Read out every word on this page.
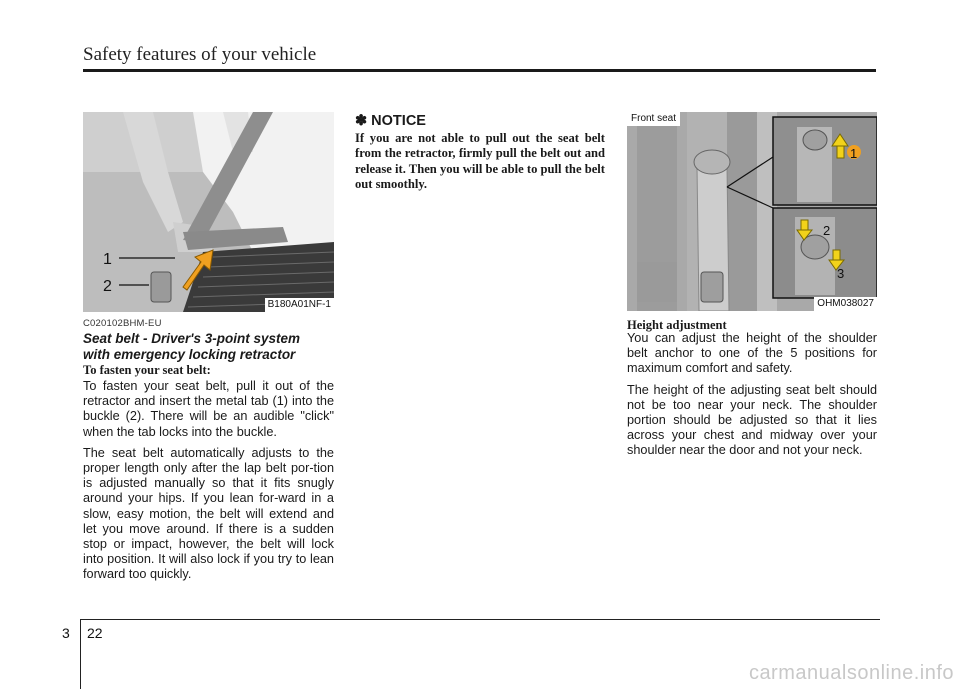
Safety features of your vehicle
1
2
B180A01NF-1
C020102BHM-EU
Seat belt - Driver's 3-point system with emergency locking retractor
To fasten your seat belt:

To fasten your seat belt, pull it out of the retractor and insert the metal tab (1) into the buckle (2). There will be an audible "click" when the tab locks into the buckle.

The seat belt automatically adjusts to the proper length only after the lap belt por-tion is adjusted manually so that it fits snugly around your hips. If you lean for-ward in a slow, easy motion, the belt will extend and let you move around. If there is a sudden stop or impact, however, the belt will lock into position. It will also lock if you try to lean forward too quickly.

✽ NOTICE
If you are not able to pull out the seat belt from the retractor, firmly pull the belt out and release it. Then you will be able to pull the belt out smoothly.
1
2
3
Front seat
OHM038027
Height adjustment

You can adjust the height of the shoulder belt anchor to one of the 5 positions for maximum comfort and safety.

The height of the adjusting seat belt should not be too near your neck. The shoulder portion should be adjusted so that it lies across your chest and midway over your shoulder near the door and not your neck.

3 22
carmanualsonline.info
